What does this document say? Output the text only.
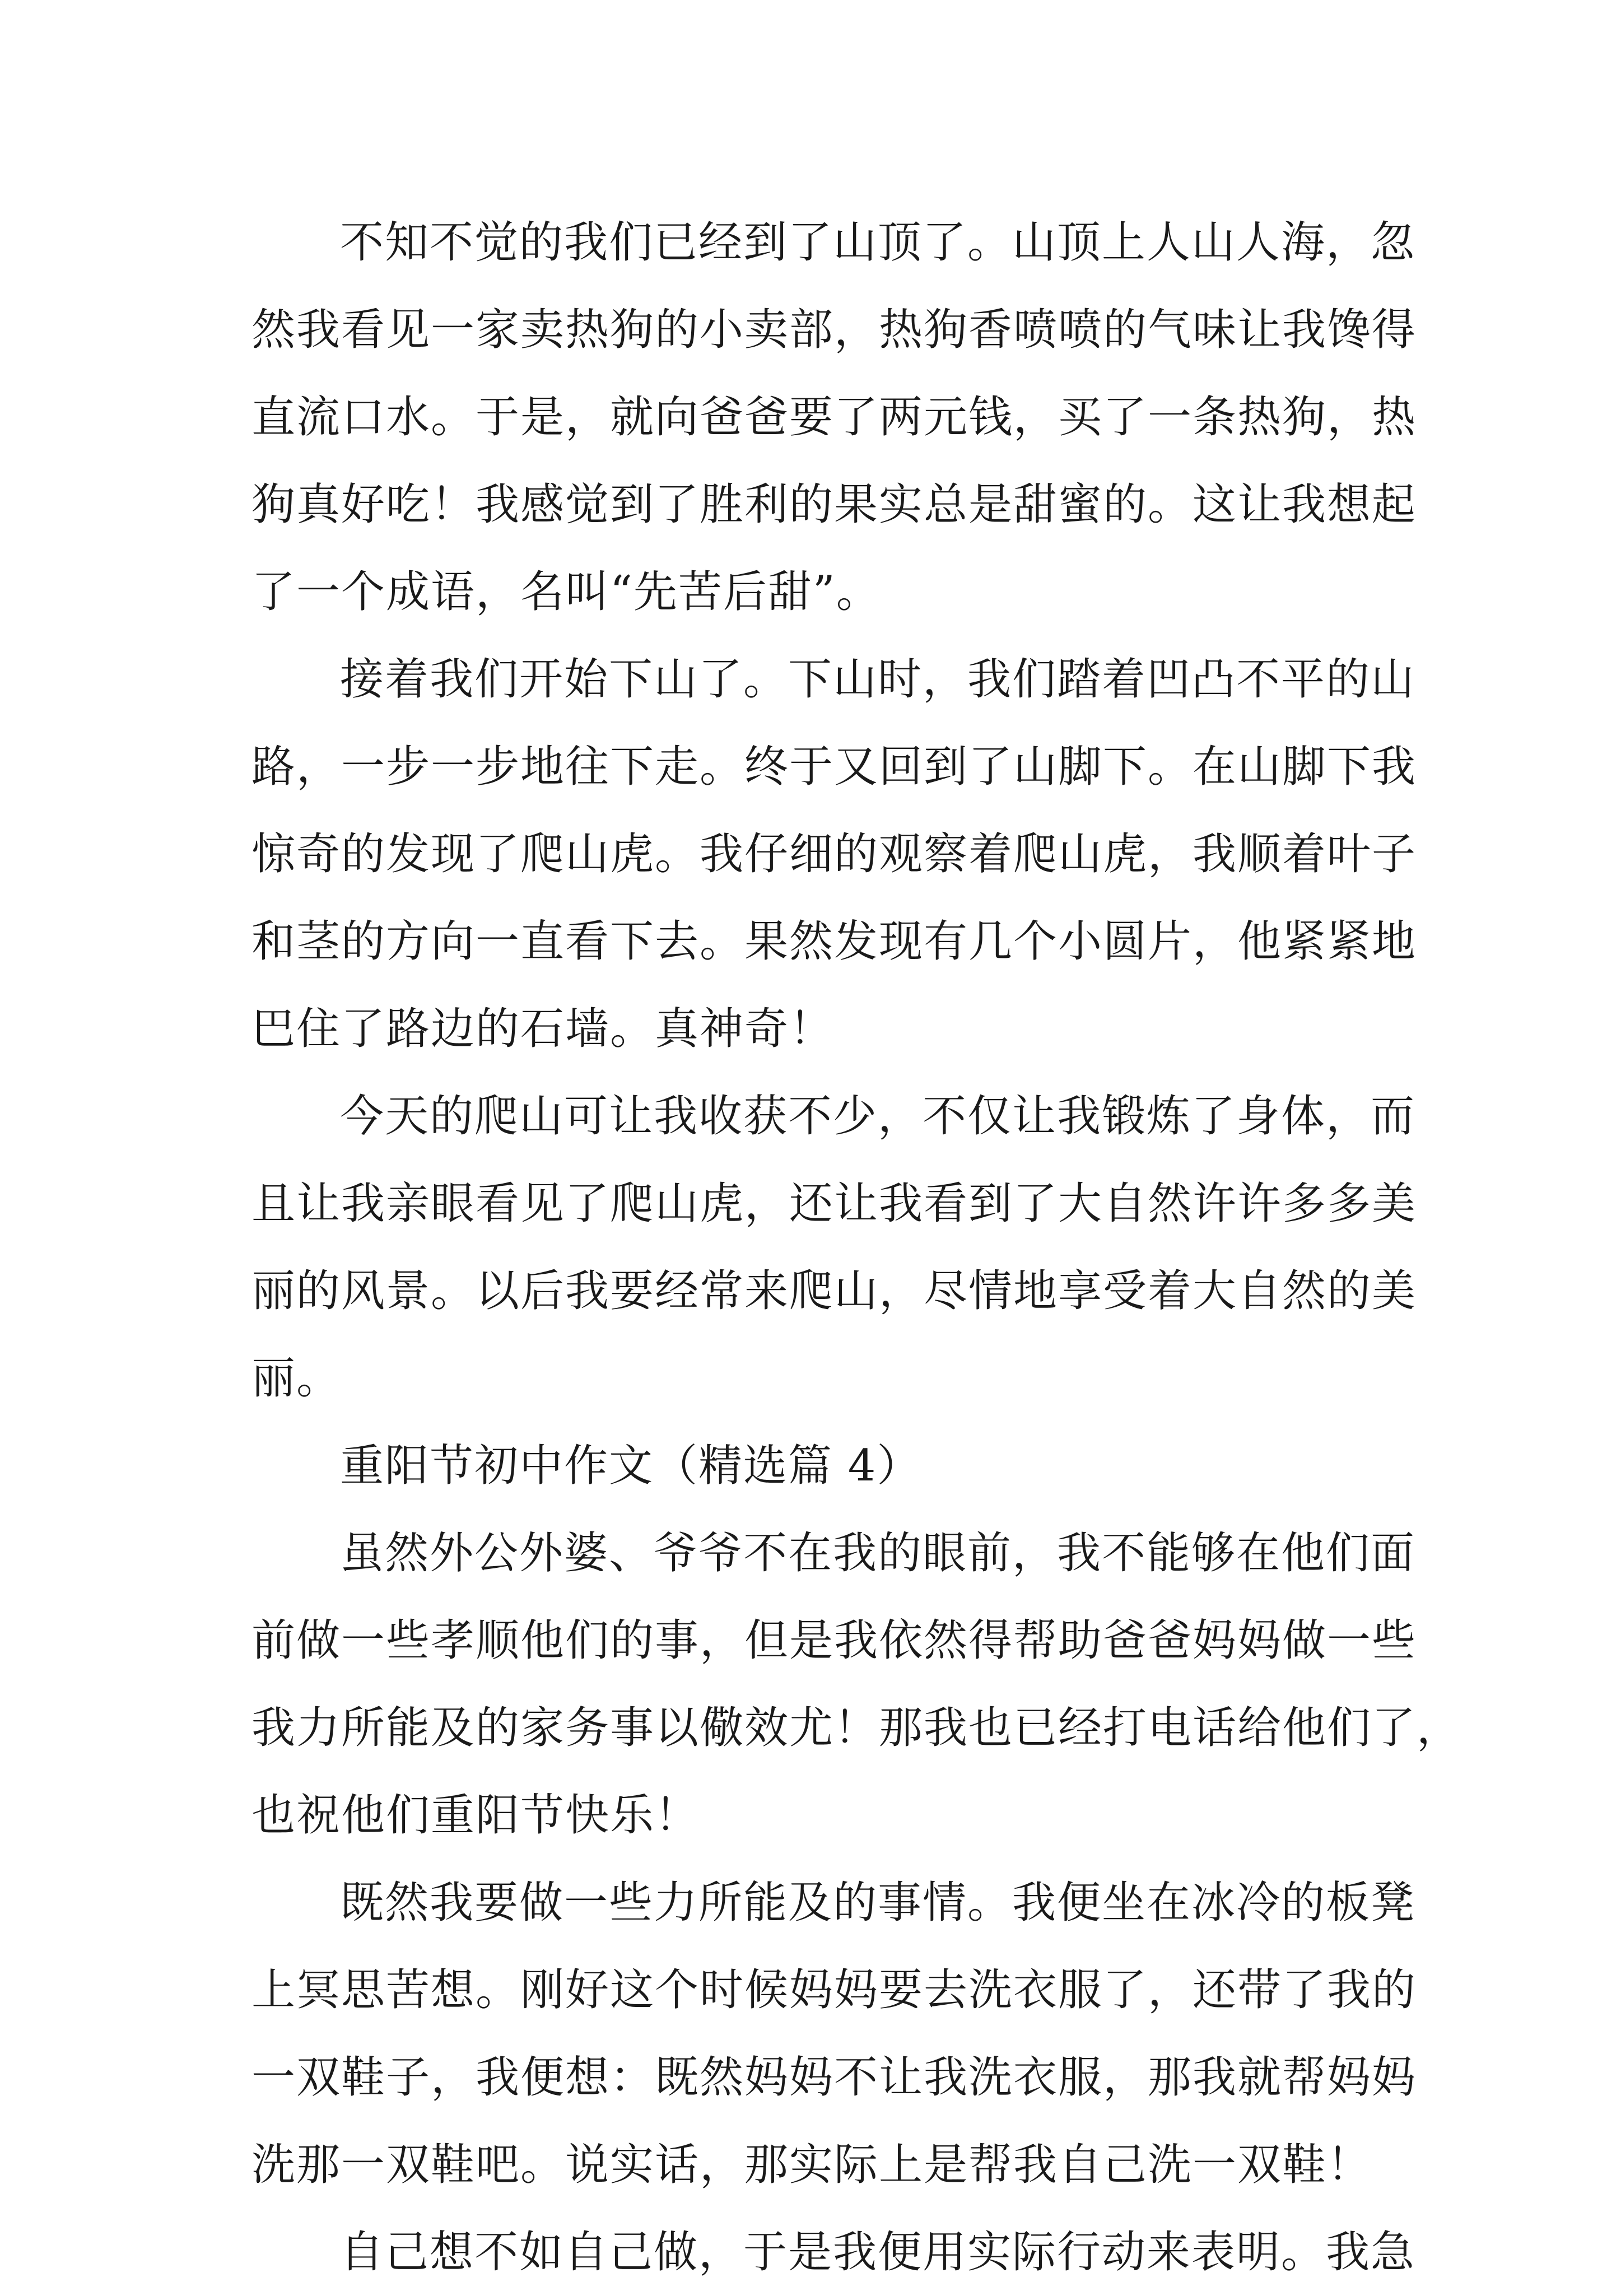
不知不觉的我们已经到了山顶了。山顶上人山人海，忽
然我看见一家卖热狗的小卖部，热狗香喷喷的气味让我馋得
直流口水。于是，就向爸爸要了两元钱，买了一条热狗，热
狗真好吃！我感觉到了胜利的果实总是甜蜜的。这让我想起
了一个成语，名叫“先苦后甜”。
接着我们开始下山了。下山时，我们踏着凹凸不平的山
路，一步一步地往下走。终于又回到了山脚下。在山脚下我
惊奇的发现了爬山虎。我仔细的观察着爬山虎，我顺着叶子
和茎的方向一直看下去。果然发现有几个小圆片，他紧紧地
巴住了路边的石墙。真神奇！
今天的爬山可让我收获不少，不仅让我锻炼了身体，而
且让我亲眼看见了爬山虎，还让我看到了大自然许许多多美
丽的风景。以后我要经常来爬山，尽情地享受着大自然的美
丽。
重阳节初中作文（精选篇 4）
虽然外公外婆、爷爷不在我的眼前，我不能够在他们面
前做一些孝顺他们的事，但是我依然得帮助爸爸妈妈做一些
我力所能及的家务事以儆效尤！那我也已经打电话给他们了，
也祝他们重阳节快乐！
既然我要做一些力所能及的事情。我便坐在冰冷的板凳
上冥思苦想。刚好这个时候妈妈要去洗衣服了，还带了我的
一双鞋子，我便想：既然妈妈不让我洗衣服，那我就帮妈妈
洗那一双鞋吧。说实话，那实际上是帮我自己洗一双鞋！
自己想不如自己做，于是我便用实际行动来表明。我急
